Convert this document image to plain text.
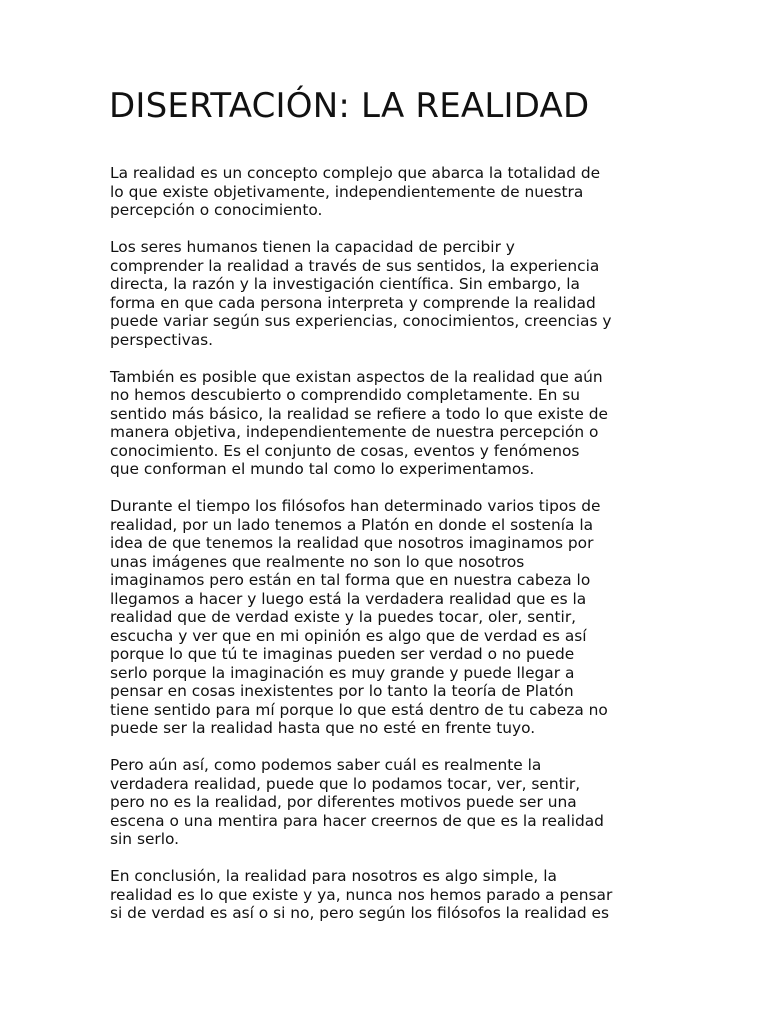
DISERTACIÓN: LA REALIDAD

La realidad es un concepto complejo que abarca la totalidad de
lo que existe objetivamente, independientemente de nuestra
percepción o conocimiento.

Los seres humanos tienen la capacidad de percibir y
comprender la realidad a través de sus sentidos, la experiencia
directa, la razón y la investigación científica. Sin embargo, la
forma en que cada persona interpreta y comprende la realidad
puede variar según sus experiencias, conocimientos, creencias y
perspectivas.

También es posible que existan aspectos de la realidad que aún
no hemos descubierto o comprendido completamente. En su
sentido más básico, la realidad se refiere a todo lo que existe de
manera objetiva, independientemente de nuestra percepción o
conocimiento. Es el conjunto de cosas, eventos y fenómenos
que conforman el mundo tal como lo experimentamos.

Durante el tiempo los filósofos han determinado varios tipos de
realidad, por un lado tenemos a Platón en donde el sostenía la
idea de que tenemos la realidad que nosotros imaginamos por
unas imágenes que realmente no son lo que nosotros
imaginamos pero están en tal forma que en nuestra cabeza lo
llegamos a hacer y luego está la verdadera realidad que es la
realidad que de verdad existe y la puedes tocar, oler, sentir,
escucha y ver que en mi opinión es algo que de verdad es así
porque lo que tú te imaginas pueden ser verdad o no puede
serlo porque la imaginación es muy grande y puede llegar a
pensar en cosas inexistentes por lo tanto la teoría de Platón
tiene sentido para mí porque lo que está dentro de tu cabeza no
puede ser la realidad hasta que no esté en frente tuyo.

Pero aún así, como podemos saber cuál es realmente la
verdadera realidad, puede que lo podamos tocar, ver, sentir,
pero no es la realidad, por diferentes motivos puede ser una
escena o una mentira para hacer creernos de que es la realidad
sin serlo.

En conclusión, la realidad para nosotros es algo simple, la
realidad es lo que existe y ya, nunca nos hemos parado a pensar
si de verdad es así o si no, pero según los filósofos la realidad es
